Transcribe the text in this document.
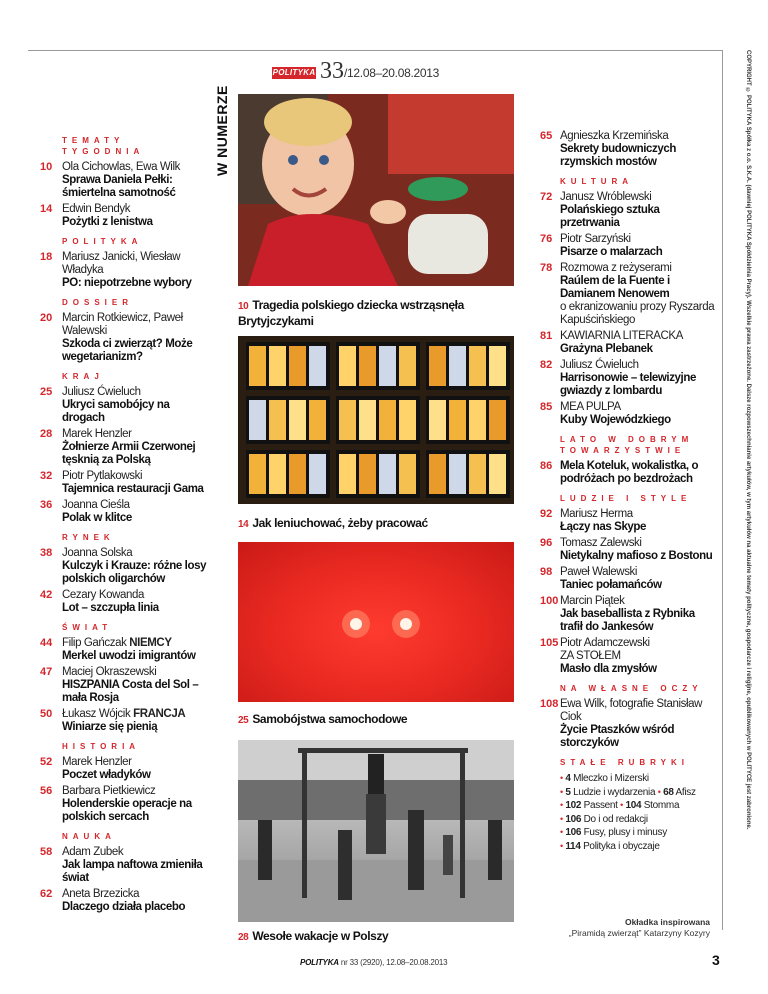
COPYRIGHT © POLITYKA Spółka z o.o. S.K.A. (dawniej POLITYKA Spółdzielnia Pracy). Wszelkie prawa zastrzeżone. Dalsze rozpowszechnianie artykułów, w tym artykułów na aktualne tematy polityczne, gospodarcze i religijne, opublikowanych w POLITYCE jest zabronione.
W NUMERZE
POLITYKA 33 /12.08–20.08.2013
TEMATY TYGODNIA
10 Ola Cichowlas, Ewa Wilk
Sprawa Daniela Pełki: śmiertelna samotność
14 Edwin Bendyk
Pożytki z lenistwa
POLITYKA
18 Mariusz Janicki, Wiesław Władyka
PO: niepotrzebne wybory
DOSSIER
20 Marcin Rotkiewicz, Paweł Walewski
Szkoda ci zwierząt? Może wegetarianizm?
KRAJ
25 Juliusz Ćwieluch
Ukryci samobójcy na drogach
28 Marek Henzler
Żołnierze Armii Czerwonej tęsknią za Polską
32 Piotr Pytlakowski
Tajemnica restauracji Gama
36 Joanna Cieśla
Polak w klitce
RYNEK
38 Joanna Solska
Kulczyk i Krauze: różne losy polskich oligarchów
42 Cezary Kowanda
Lot – szczupła linia
ŚWIAT
44 Filip Gańczak NIEMCY
Merkel uwodzi imigrantów
47 Maciej Okraszewski
HISZPANIA Costa del Sol – mała Rosja
50 Łukasz Wójcik FRANCJA
Winiarze się pienią
HISTORIA
52 Marek Henzler
Poczet władyków
56 Barbara Pietkiewicz
Holenderskie operacje na polskich sercach
NAUKA
58 Adam Zubek
Jak lampa naftowa zmieniła świat
62 Aneta Brzezicka
Dlaczego działa placebo
10 Tragedia polskiego dziecka wstrząsnęła Brytyjczykami
14 Jak leniuchować, żeby pracować
25 Samobójstwa samochodowe
28 Wesołe wakacje w Polszy
65 Agnieszka Krzemińska
Sekrety budowniczych rzymskich mostów
KULTURA
72 Janusz Wróblewski
Polańskiego sztuka przetrwania
76 Piotr Sarzyński
Pisarze o malarzach
78 Rozmowa z reżyserami
Raúlem de la Fuente i Damianem Nenowem
o ekranizowaniu prozy Ryszarda Kapuścińskiego
81 KAWIARNIA LITERACKA
Grażyna Plebanek
82 Juliusz Ćwieluch
Harrisonowie – telewizyjne gwiazdy z lombardu
85 MEA PULPA
Kuby Wojewódzkiego
LATO W DOBRYM TOWARZYSTWIE
86 Mela Koteluk, wokalistka, o podróżach po bezdrożach
LUDZIE I STYLE
92 Mariusz Herma
Łączy nas Skype
96 Tomasz Zalewski
Nietykalny mafioso z Bostonu
98 Paweł Walewski
Taniec połamańców
100 Marcin Piątek
Jak baseballista z Rybnika trafił do Jankesów
105 Piotr Adamczewski
ZA STOŁEM
Masło dla zmysłów
NA WŁASNE OCZY
108 Ewa Wilk, fotografie Stanisław Ciok
Życie Ptaszków wśród storczyków
STAŁE RUBRYKI
• 4 Mleczko i Mizerski
• 5 Ludzie i wydarzenia • 68 Afisz
• 102 Passent • 104 Stomma
• 106 Do i od redakcji
• 106 Fusy, plusy i minusy
• 114 Polityka i obyczaje
Okładka inspirowana
„Piramidą zwierząt” Katarzyny Kozyry
POLITYKA nr 33 (2920), 12.08–20.08.2013	3
